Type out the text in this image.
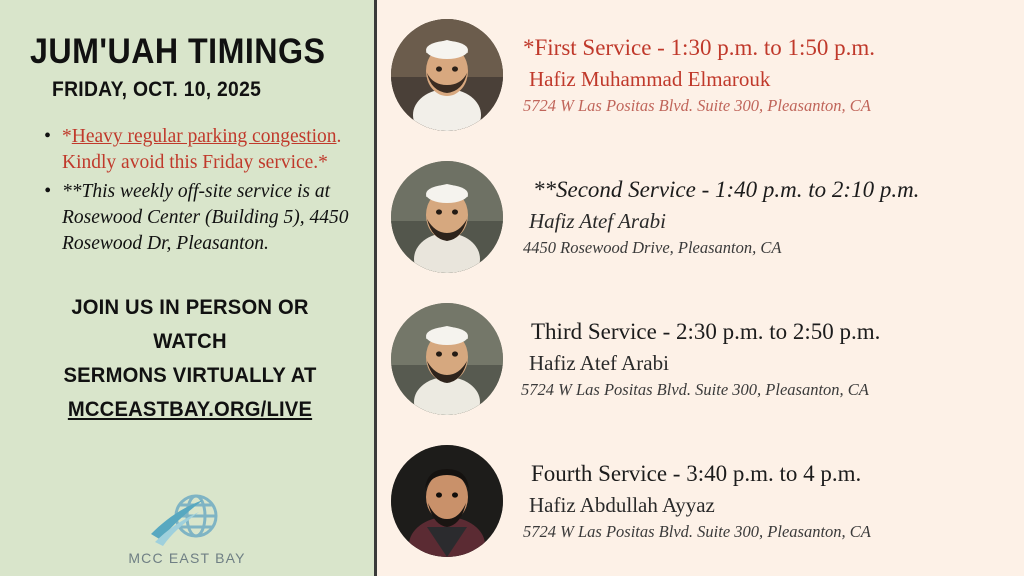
JUM'UAH TIMINGS
FRIDAY, OCT. 10, 2025
• *Heavy regular parking congestion. Kindly avoid this Friday service.*
• **This weekly off-site service is at Rosewood Center (Building 5), 4450 Rosewood Dr, Pleasanton.
JOIN US IN PERSON OR WATCH
SERMONS VIRTUALLY AT
MCCEASTBAY.ORG/LIVE
MCC EAST BAY
*First Service - 1:30 p.m. to 1:50 p.m.
Hafiz Muhammad Elmarouk
5724 W Las Positas Blvd. Suite 300, Pleasanton, CA
**Second Service - 1:40 p.m. to 2:10 p.m.
Hafiz Atef Arabi
4450 Rosewood Drive, Pleasanton, CA
Third Service - 2:30 p.m. to 2:50 p.m.
Hafiz Atef Arabi
5724 W Las Positas Blvd. Suite 300, Pleasanton, CA
Fourth Service - 3:40 p.m. to 4 p.m.
Hafiz Abdullah Ayyaz
5724 W Las Positas Blvd. Suite 300, Pleasanton, CA
